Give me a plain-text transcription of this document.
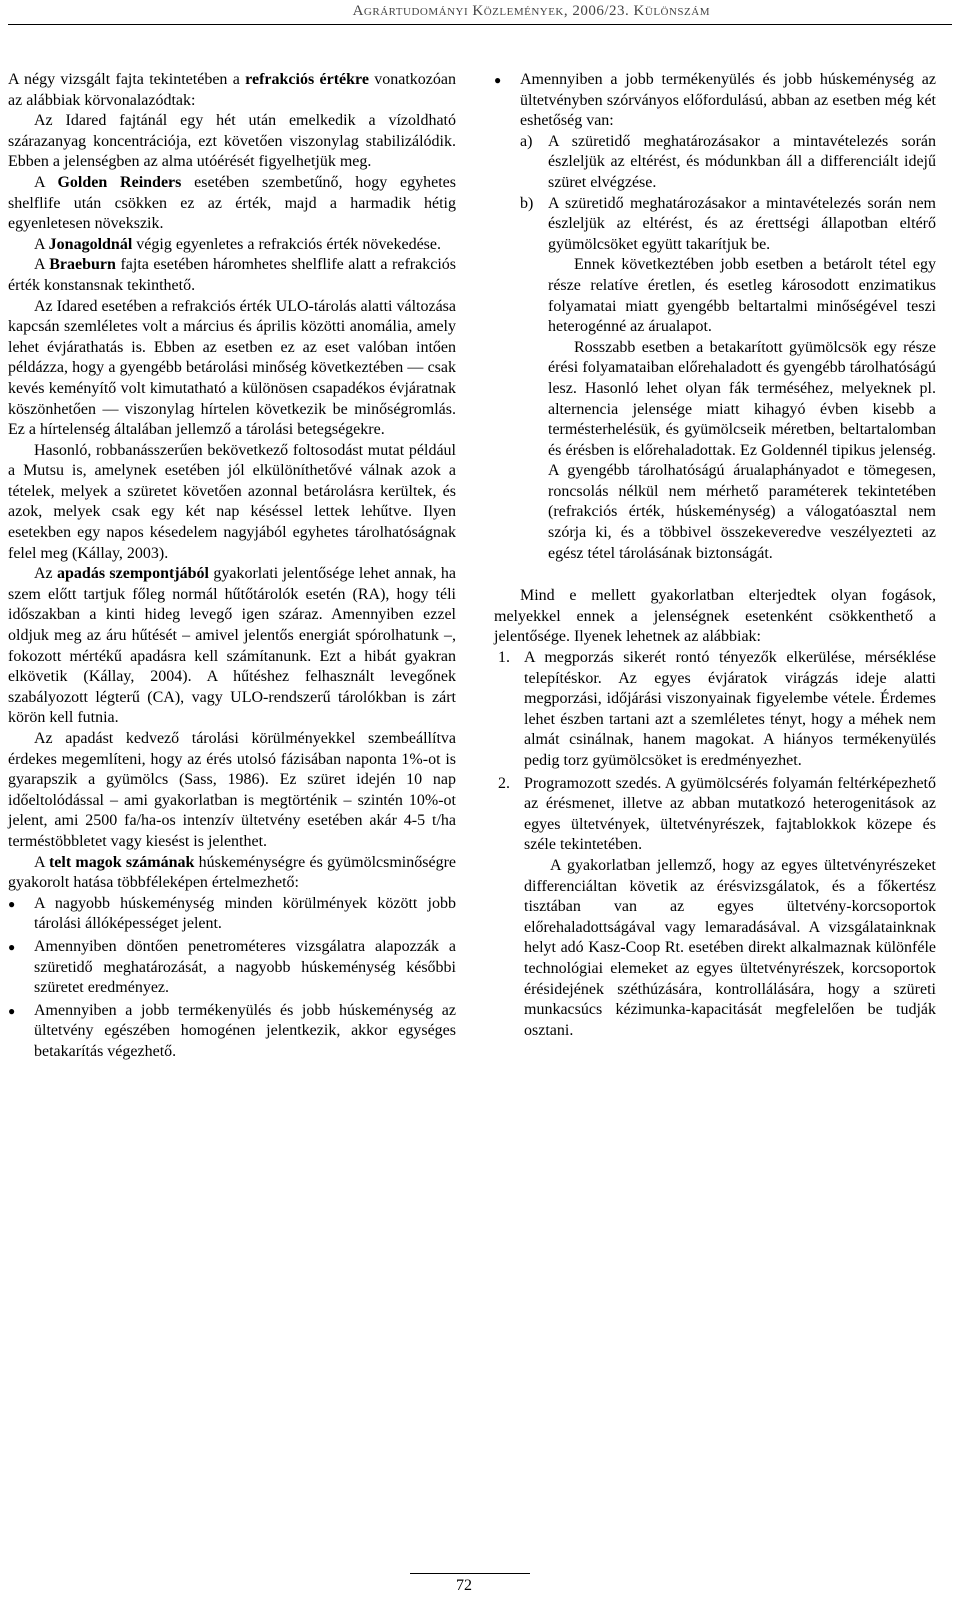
Agrártudományi Közlemények, 2006/23. Különszám

A négy vizsgált fajta tekintetében a refrakciós értékre vonatkozóan az alábbiak körvonalazódtak:

Az Idared fajtánál egy hét után emelkedik a vízoldható szárazanyag koncentrációja, ezt követően viszonylag stabilizálódik. Ebben a jelenségben az alma utóérését figyelhetjük meg.

A Golden Reinders esetében szembetűnő, hogy egyhetes shelflife után csökken ez az érték, majd a harmadik hétig egyenletesen növekszik.

A Jonagoldnál végig egyenletes a refrakciós érték növekedése.

A Braeburn fajta esetében háromhetes shelflife alatt a refrakciós érték konstansnak tekinthető.

Az Idared esetében a refrakciós érték ULO-tárolás alatti változása kapcsán szemléletes volt a március és április közötti anomália, amely lehet évjárathatás is. Ebben az esetben ez az eset valóban intően példázza, hogy a gyengébb betárolási minőség következtében — csak kevés keményítő volt kimutatható a különösen csapadékos évjáratnak köszönhetően — viszonylag hírtelen következik be minőségromlás. Ez a hírtelenség általában jellemző a tárolási betegségekre.

Hasonló, robbanásszerűen bekövetkező foltosodást mutat például a Mutsu is, amelynek esetében jól elkülöníthetővé válnak azok a tételek, melyek a szüretet követően azonnal betárolásra kerültek, és azok, melyek csak egy két nap késéssel lettek lehűtve. Ilyen esetekben egy napos késedelem nagyjából egyhetes tárolhatóságnak felel meg (Kállay, 2003).

Az apadás szempontjából gyakorlati jelentősége lehet annak, ha szem előtt tartjuk főleg normál hűtőtárolók esetén (RA), hogy téli időszakban a kinti hideg levegő igen száraz. Amennyiben ezzel oldjuk meg az áru hűtését – amivel jelentős energiát spórolhatunk –, fokozott mértékű apadásra kell számítanunk. Ezt a hibát gyakran elkövetik (Kállay, 2004). A hűtéshez felhasznált levegőnek szabályozott légterű (CA), vagy ULO-rendszerű tárolókban is zárt körön kell futnia.

Az apadást kedvező tárolási körülményekkel szembeállítva érdekes megemlíteni, hogy az érés utolsó fázisában naponta 1%-ot is gyarapszik a gyümölcs (Sass, 1986). Ez szüret idején 10 nap időeltolódással – ami gyakorlatban is megtörténik – szintén 10%-ot jelent, ami 2500 fa/ha-os intenzív ültetvény esetében akár 4-5 t/ha terméstöbbletet vagy kiesést is jelenthet.

A telt magok számának húskeménységre és gyümölcsminőségre gyakorolt hatása többféleképen értelmezhető:

● A nagyobb húskeménység minden körülmények között jobb tárolási állóképességet jelent.
● Amennyiben döntően penetrométeres vizsgálatra alapozzák a szüretidő meghatározását, a nagyobb húskeménység későbbi szüretet eredményez.
● Amennyiben a jobb termékenyülés és jobb húskeménység az ültetvény egészében homogénen jelentkezik, akkor egységes betakarítás végezhető.
● Amennyiben a jobb termékenyülés és jobb húskeménység az ültetvényben szórványos előfordulású, abban az esetben még két eshetőség van:
a) A szüretidő meghatározásakor a mintavételezés során észleljük az eltérést, és módunkban áll a differenciált idejű szüret elvégzése.
b) A szüretidő meghatározásakor a mintavételezés során nem észleljük az eltérést, és az érettségi állapotban eltérő gyümölcsöket együtt takarítjuk be.
Ennek következtében jobb esetben a betárolt tétel egy része relatíve éretlen, és esetleg károsodott enzimatikus folyamatai miatt gyengébb beltartalmi minőségével teszi heterogénné az árualapot.
Rosszabb esetben a betakarított gyümölcsök egy része érési folyamataiban előrehaladott és gyengébb tárolhatóságú lesz. Hasonló lehet olyan fák terméséhez, melyeknek pl. alternencia jelensége miatt kihagyó évben kisebb a termésterhelésük, és gyümölcseik méretben, beltartalomban és érésben is előrehaladottak. Ez Goldennél tipikus jelenség. A gyengébb tárolhatóságú árualaphányadot e tömegesen, roncsolás nélkül nem mérhető paraméterek tekintetében (refrakciós érték, húskeménység) a válogatóasztal nem szórja ki, és a többivel összekeveredve veszélyezteti az egész tétel tárolásának biztonságát.

Mind e mellett gyakorlatban elterjedtek olyan fogások, melyekkel ennek a jelenségnek esetenként csökkenthető a jelentősége. Ilyenek lehetnek az alábbiak:

1. A megporzás sikerét rontó tényezők elkerülése, mérséklése telepítéskor. Az egyes évjáratok virágzás ideje alatti megporzási, időjárási viszonyainak figyelembe vétele. Érdemes lehet észben tartani azt a szemléletes tényt, hogy a méhek nem almát csinálnak, hanem magokat. A hiányos termékenyülés pedig torz gyümölcsöket is eredményezhet.
2. Programozott szedés. A gyümölcsérés folyamán feltérképezhető az érésmenet, illetve az abban mutatkozó heterogenitások az egyes ültetvények, ültetvényrészek, fajtablokkok közepe és széle tekintetében.
A gyakorlatban jellemző, hogy az egyes ültetvényrészeket differenciáltan követik az érésvizsgálatok, és a főkertész tisztában van az egyes ültetvény-korcsoportok előrehaladottságával vagy lemaradásával. A vizsgálatainknak helyt adó Kasz-Coop Rt. esetében direkt alkalmaznak különféle technológiai elemeket az egyes ültetvényrészek, korcsoportok érésidejének széthúzására, kontrollálására, hogy a szüreti munkacsúcs kézimunka-kapacitását megfelelően be tudják osztani.
72
